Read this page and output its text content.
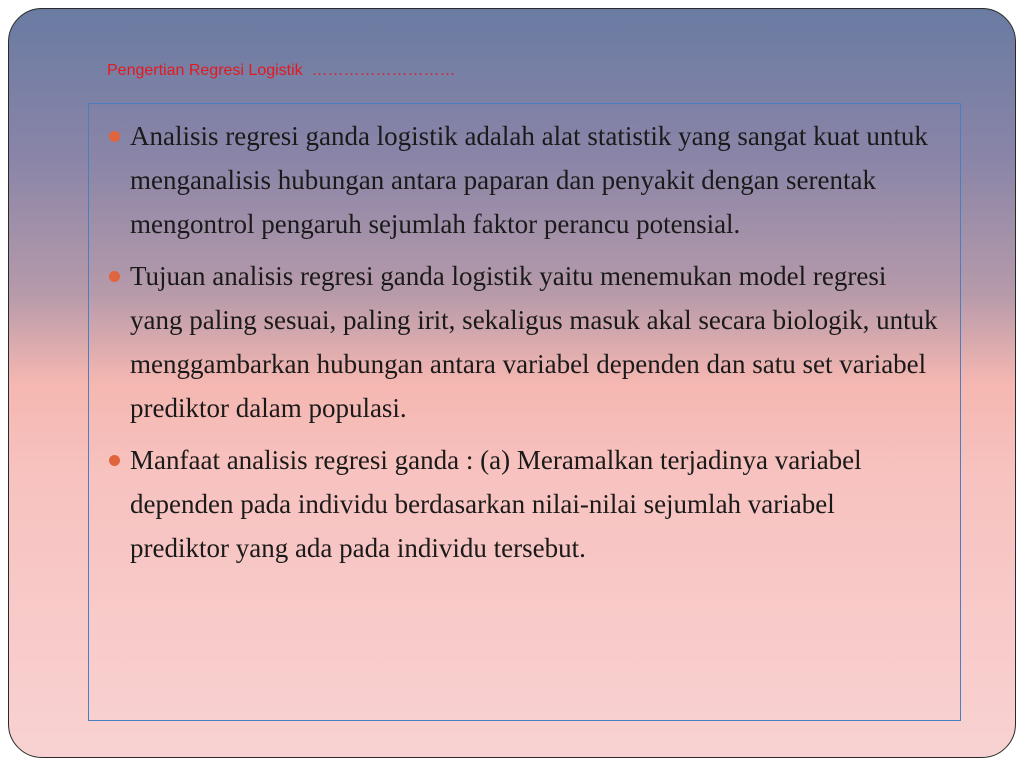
Pengertian Regresi Logistik  ………………………
Analisis regresi ganda logistik adalah alat statistik yang sangat kuat untuk menganalisis hubungan antara paparan dan penyakit dengan serentak mengontrol pengaruh sejumlah faktor perancu potensial.
Tujuan analisis regresi ganda logistik yaitu menemukan model regresi yang paling sesuai, paling irit, sekaligus masuk akal secara biologik, untuk menggambarkan hubungan antara variabel dependen dan satu set variabel prediktor dalam populasi.
Manfaat analisis regresi ganda : (a) Meramalkan terjadinya variabel dependen pada individu berdasarkan nilai-nilai sejumlah variabel prediktor yang ada pada individu tersebut.
